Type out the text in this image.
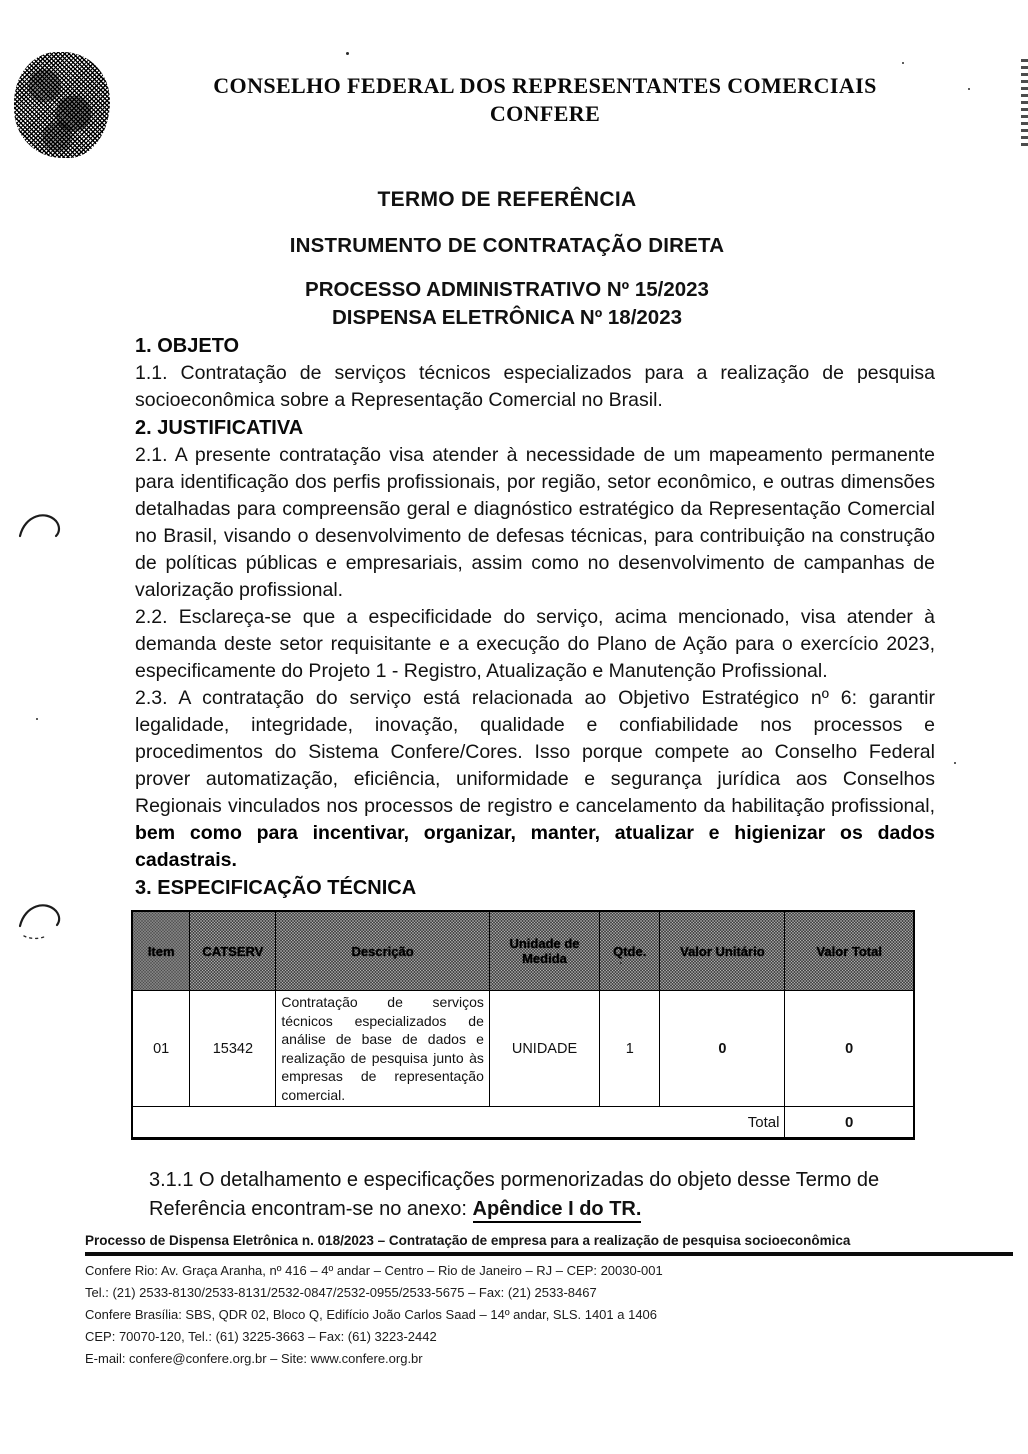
CONSELHO FEDERAL DOS REPRESENTANTES COMERCIAIS
CONFERE
TERMO DE REFERÊNCIA
INSTRUMENTO DE CONTRATAÇÃO DIRETA
PROCESSO ADMINISTRATIVO Nº 15/2023
DISPENSA ELETRÔNICA Nº 18/2023
1. OBJETO

1.1. Contratação de serviços técnicos especializados para a realização de pesquisa socioeconômica sobre a Representação Comercial no Brasil.

2. JUSTIFICATIVA

2.1. A presente contratação visa atender à necessidade de um mapeamento permanente para identificação dos perfis profissionais, por região, setor econômico, e outras dimensões detalhadas para compreensão geral e diagnóstico estratégico da Representação Comercial no Brasil, visando o desenvolvimento de defesas técnicas, para contribuição na construção de políticas públicas e empresariais, assim como no desenvolvimento de campanhas de valorização profissional.

2.2. Esclareça-se que a especificidade do serviço, acima mencionado, visa atender à demanda deste setor requisitante e a execução do Plano de Ação para o exercício 2023, especificamente do Projeto 1 - Registro, Atualização e Manutenção Profissional.

2.3. A contratação do serviço está relacionada ao Objetivo Estratégico nº 6: garantir legalidade, integridade, inovação, qualidade e confiabilidade nos processos e procedimentos do Sistema Confere/Cores. Isso porque compete ao Conselho Federal prover automatização, eficiência, uniformidade e segurança jurídica aos Conselhos Regionais vinculados nos processos de registro e cancelamento da habilitação profissional, bem como para incentivar, organizar, manter, atualizar e higienizar os dados cadastrais.

3. ESPECIFICAÇÃO TÉCNICA
Item	CATSERV	Descrição	Unidade de Medida	Qtde.	Valor Unitário	Valor Total
01	15342	Contratação de serviços técnicos especializados de análise de base de dados e realização de pesquisa junto às empresas de representação comercial.	UNIDADE	1	0	0
Total						0

3.1.1 O detalhamento e especificações pormenorizadas do objeto desse Termo de Referência encontram-se no anexo: Apêndice I do TR.

Processo de Dispensa Eletrônica n. 018/2023 – Contratação de empresa para a realização de pesquisa socioeconômica
Confere Rio: Av. Graça Aranha, nº 416 – 4º andar – Centro – Rio de Janeiro – RJ – CEP: 20030-001
Tel.: (21) 2533-8130/2533-8131/2532-0847/2532-0955/2533-5675 – Fax: (21) 2533-8467
Confere Brasília: SBS, QDR 02, Bloco Q, Edifício João Carlos Saad – 14º andar, SLS. 1401 a 1406
CEP: 70070-120, Tel.: (61) 3225-3663 – Fax: (61) 3223-2442
E-mail: confere@confere.org.br – Site: www.confere.org.br
